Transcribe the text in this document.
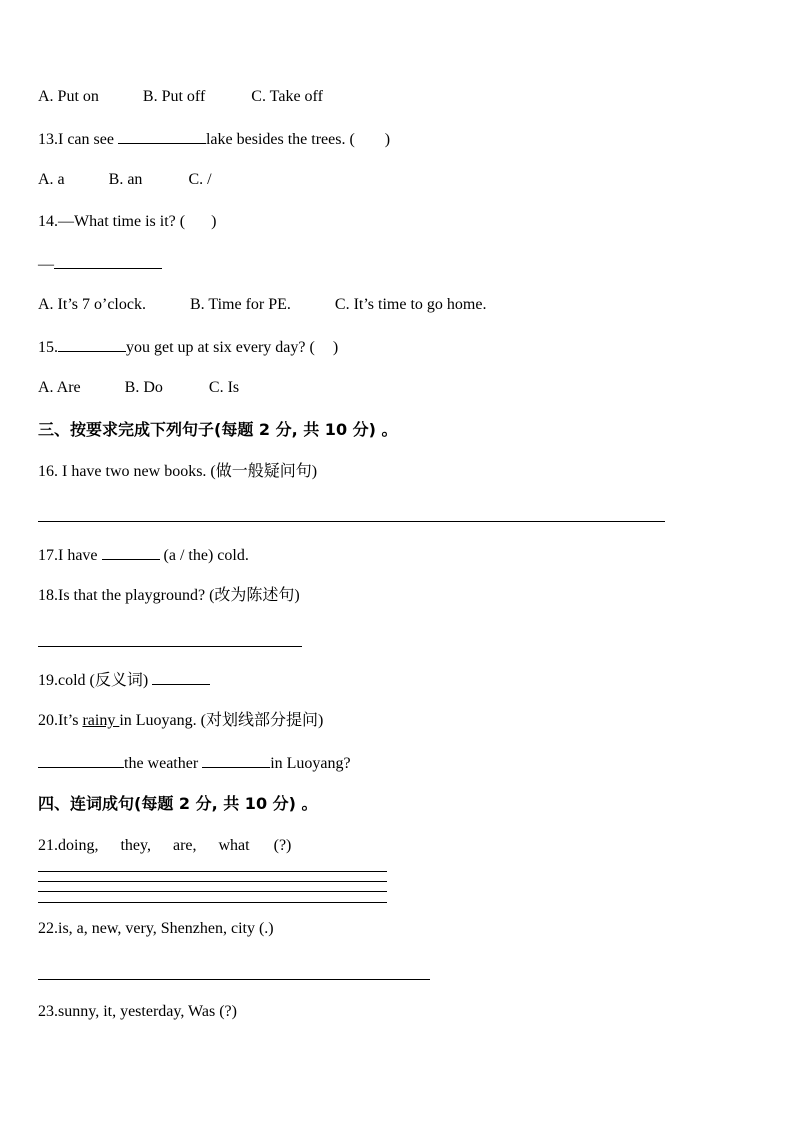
A. Put on	B. Put off	C. Take off
13.I can see	lake besides the trees. ( )
A. a	B. an	C. /
14.—What time is it? ( )
—
A. It’s 7 o’clock.	B. Time for PE.	C. It’s time to go home.
15.	you get up at six every day? ( )
A. Are	B. Do	C. Is
三、按要求完成下列句子(每题 2 分, 共 10 分) 。
16. I have two new books. (做一般疑问句)
17.I have	(a / the) cold.
18.Is that the playground? (改为陈述句)
19.cold (反义词)
20.It’s rainy in Luoyang. (对划线部分提问)
the weather	in Luoyang?
四、连词成句(每题 2 分, 共 10 分) 。
21.doing, they, are, what (?)
22.is, a, new, very, Shenzhen, city (.)
23.sunny, it, yesterday, Was (?)
